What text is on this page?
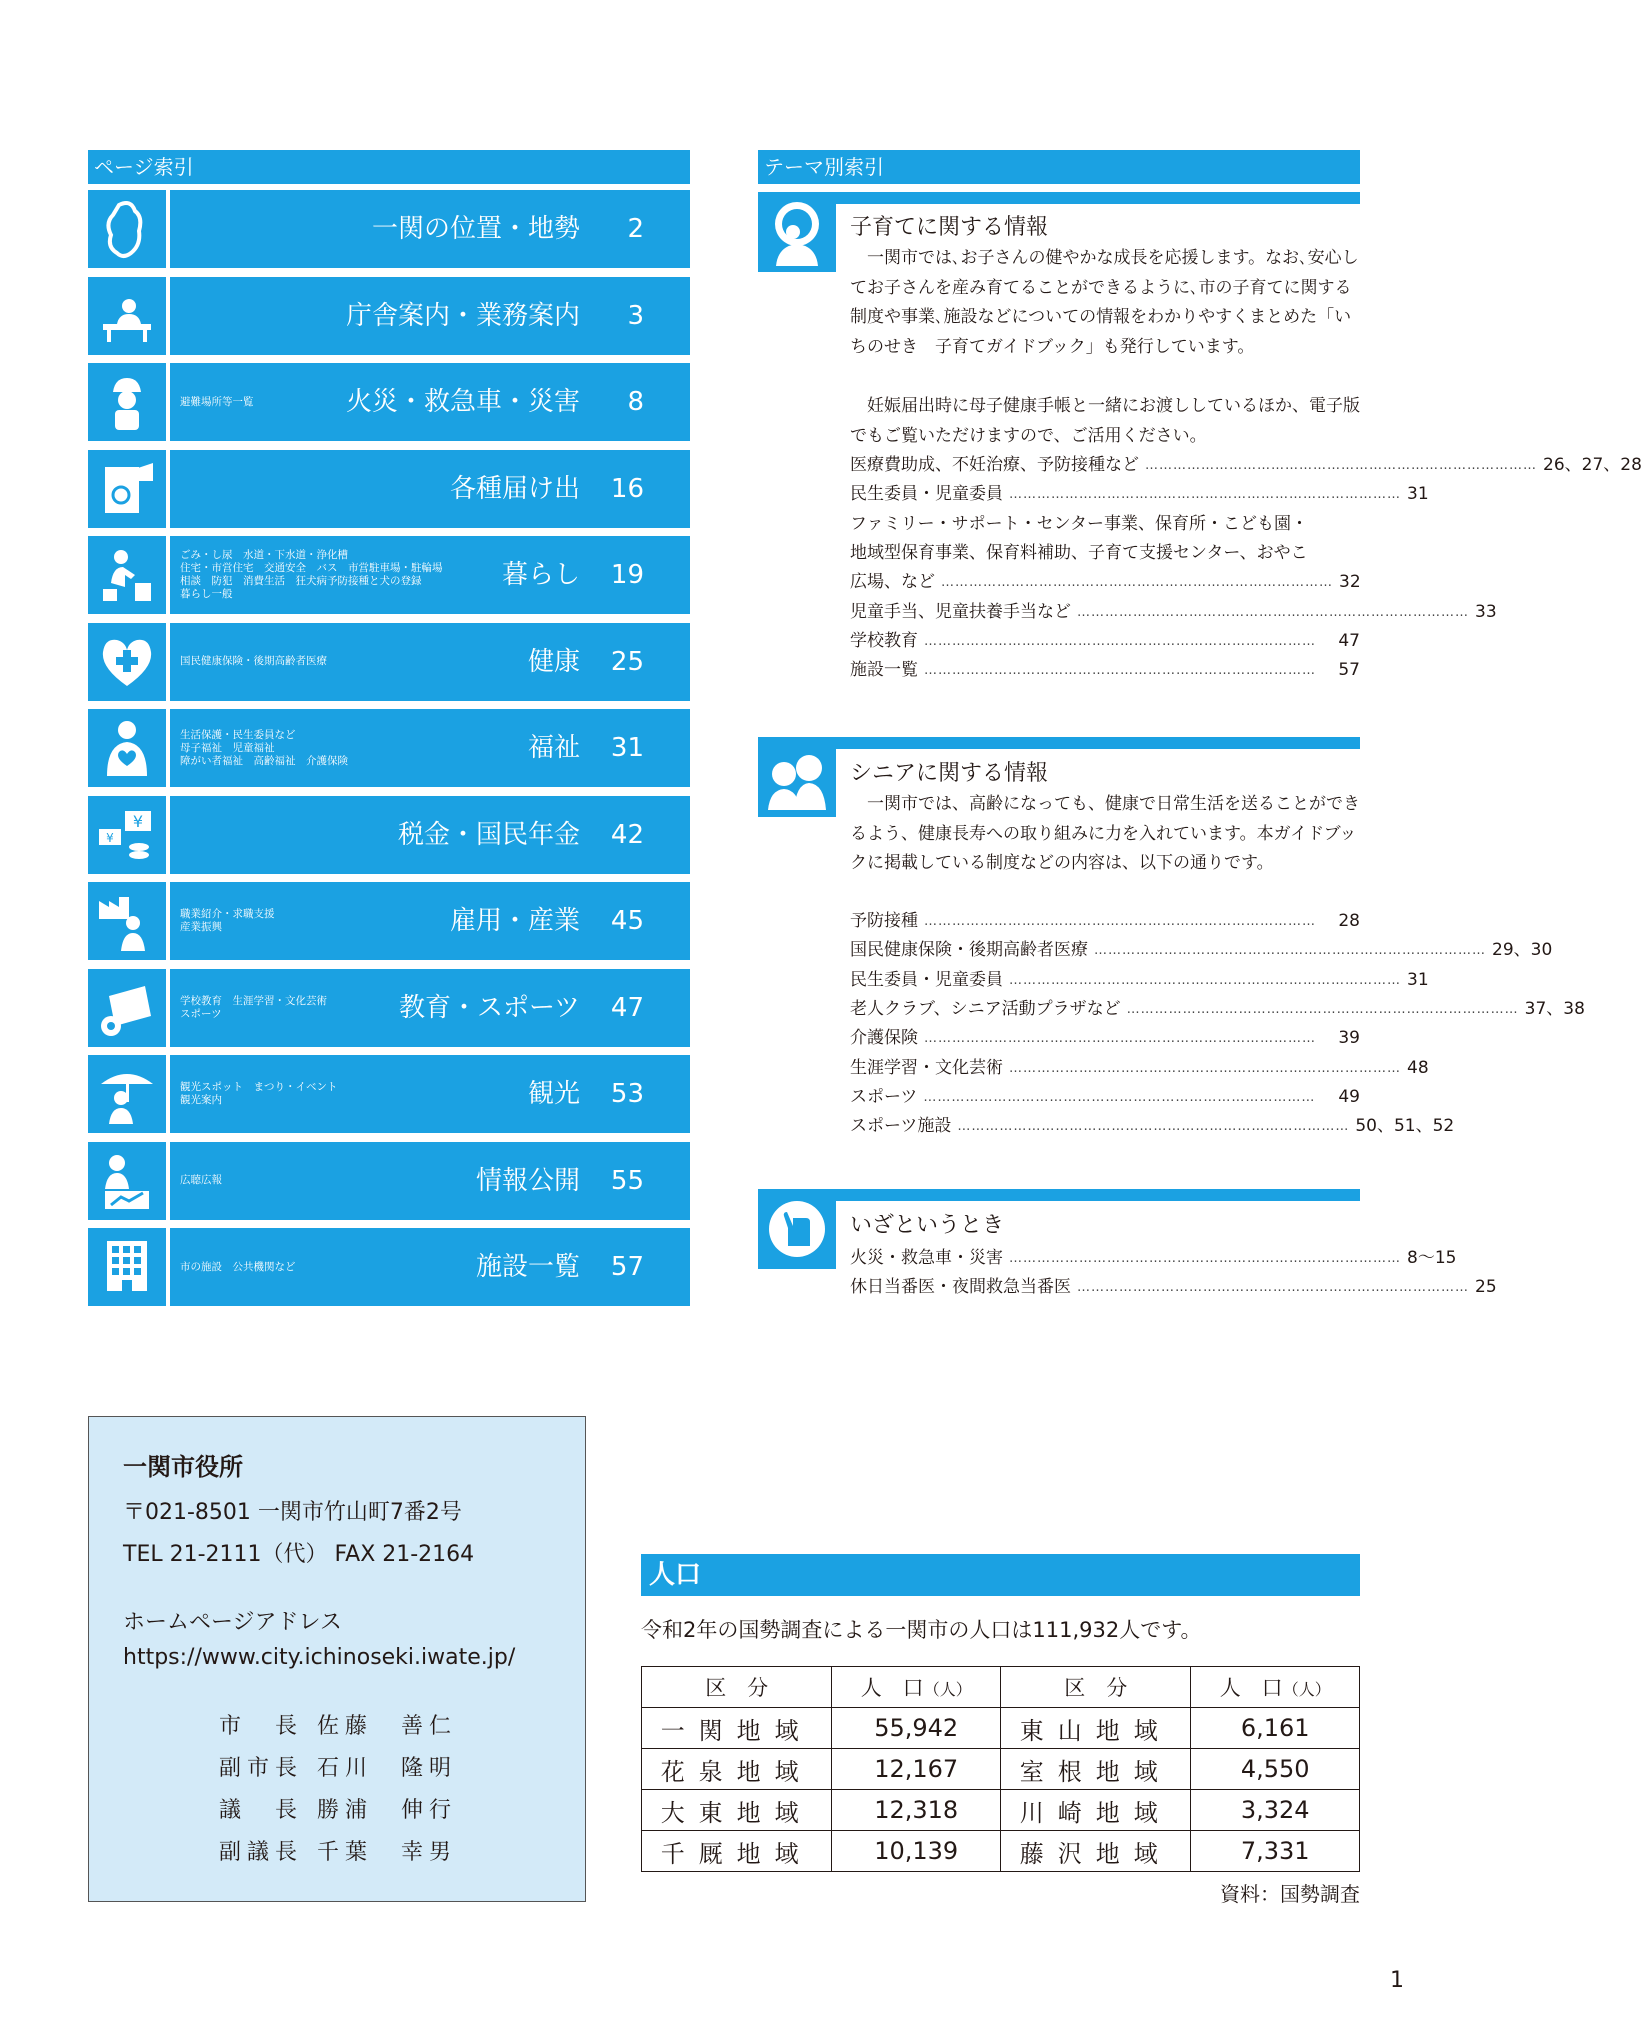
ページ索引
一関の位置・地勢 2
庁舎案内・業務案内 3
避難場所等一覧	火災・救急車・災害 8
各種届け出 16
ごみ・し尿　水道・下水道・浄化槽
住宅・市営住宅　交通安全　バス　市営駐車場・駐輪場
相談　防犯　消費生活　狂犬病予防接種と犬の登録
暮らし一般
暮らし 19
国民健康保険・後期高齢者医療	健康 25
生活保護・民生委員など
母子福祉　児童福祉
障がい者福祉　高齢福祉　介護保険	福祉 31
¥
¥	税金・国民年金 42
職業紹介・求職支援
産業振興	雇用・産業 45
学校教育　生涯学習・文化芸術
スポーツ	教育・スポーツ 47
観光スポット　まつり・イベント
観光案内	観光 53
広聴広報	情報公開 55
市の施設　公共機関など	施設一覧 57
テーマ別索引
子育てに関する情報
一関市では､お子さんの健やかな成長を応援します。なお､安心してお子さんを産み育てることができるように､市の子育てに関する制度や事業､施設などについての情報をわかりやすくまとめた「いちのせき　子育てガイドブック」も発行しています。
妊娠届出時に母子健康手帳と一緒にお渡ししているほか、電子版でもご覧いただけますので、ご活用ください。
医療費助成、不妊治療、予防接種など ………………………………………………………………………… 26、27、28
民生委員・児童委員 ………………………………………………………………………… 31
ファミリー・サポート・センター事業、保育所・こども園・
地域型保育事業、保育料補助、子育て支援センター、おやこ
広場、など ………………………………………………………………………… 32
児童手当、児童扶養手当など ………………………………………………………………………… 33
学校教育 …………………………………………………………………………	47
施設一覧 …………………………………………………………………………	57
シニアに関する情報
一関市では、高齢になっても、健康で日常生活を送ることができるよう、健康長寿への取り組みに力を入れています。本ガイドブックに掲載している制度などの内容は、以下の通りです。
予防接種 …………………………………………………………………………	28
国民健康保険・後期高齢者医療 ………………………………………………………………………… 29、30
民生委員・児童委員 ………………………………………………………………………… 31
老人クラブ、シニア活動プラザなど ………………………………………………………………………… 37、38
介護保険 …………………………………………………………………………	39
生涯学習・文化芸術 ………………………………………………………………………… 48
スポーツ …………………………………………………………………………	49
スポーツ施設 ………………………………………………………………………… 50、51、52
いざというとき
火災・救急車・災害 ………………………………………………………………………… 8～15
休日当番医・夜間救急当番医 ………………………………………………………………………… 25
一関市役所
〒021-8501 一関市竹山町7番2号
TEL 21-2111（代） FAX 21-2164
ホームページアドレス
https://www.city.ichinoseki.iwate.jp/
市　長 佐藤　善仁
副市長 石川　隆明
議　長 勝浦　伸行
副議長 千葉　幸男
人口
令和2年の国勢調査による一関市の人口は111,932人です。
区　分	人　口（人）	区　分	人　口（人）
一関地域	55,942	東山地域	6,161
花泉地域	12,167	室根地域	4,550
大東地域	12,318	川崎地域	3,324
千厩地域	10,139	藤沢地域	7,331
資料：国勢調査
1
